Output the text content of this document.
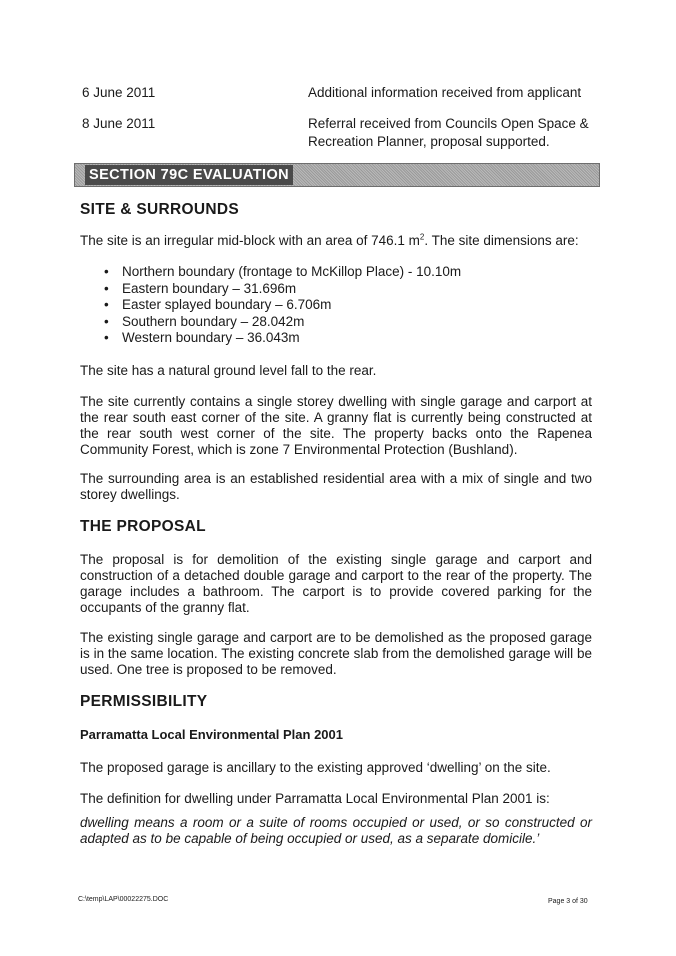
6 June 2011	Additional information received from applicant
8 June 2011	Referral received from Councils Open Space & Recreation Planner, proposal supported.
SECTION 79C EVALUATION
SITE & SURROUNDS

The site is an irregular mid-block with an area of 746.1 $m^2$. The site dimensions are:

• Northern boundary (frontage to McKillop Place) - 10.10m
• Eastern boundary – 31.696m
• Easter splayed boundary – 6.706m
• Southern boundary – 28.042m
• Western boundary – 36.043m

The site has a natural ground level fall to the rear.

The site currently contains a single storey dwelling with single garage and carport at the rear south east corner of the site. A granny flat is currently being constructed at the rear south west corner of the site. The property backs onto the Rapenea Community Forest, which is zone 7 Environmental Protection (Bushland).

The surrounding area is an established residential area with a mix of single and two storey dwellings.

THE PROPOSAL

The proposal is for demolition of the existing single garage and carport and construction of a detached double garage and carport to the rear of the property. The garage includes a bathroom. The carport is to provide covered parking for the occupants of the granny flat.

The existing single garage and carport are to be demolished as the proposed garage is in the same location. The existing concrete slab from the demolished garage will be used. One tree is proposed to be removed.

PERMISSIBILITY
Parramatta Local Environmental Plan 2001

The proposed garage is ancillary to the existing approved ‘dwelling’ on the site.

The definition for dwelling under Parramatta Local Environmental Plan 2001 is:

dwelling means a room or a suite of rooms occupied or used, or so constructed or adapted as to be capable of being occupied or used, as a separate domicile.’

C:\temp\LAP\00022275.DOC	Page 3 of 30
